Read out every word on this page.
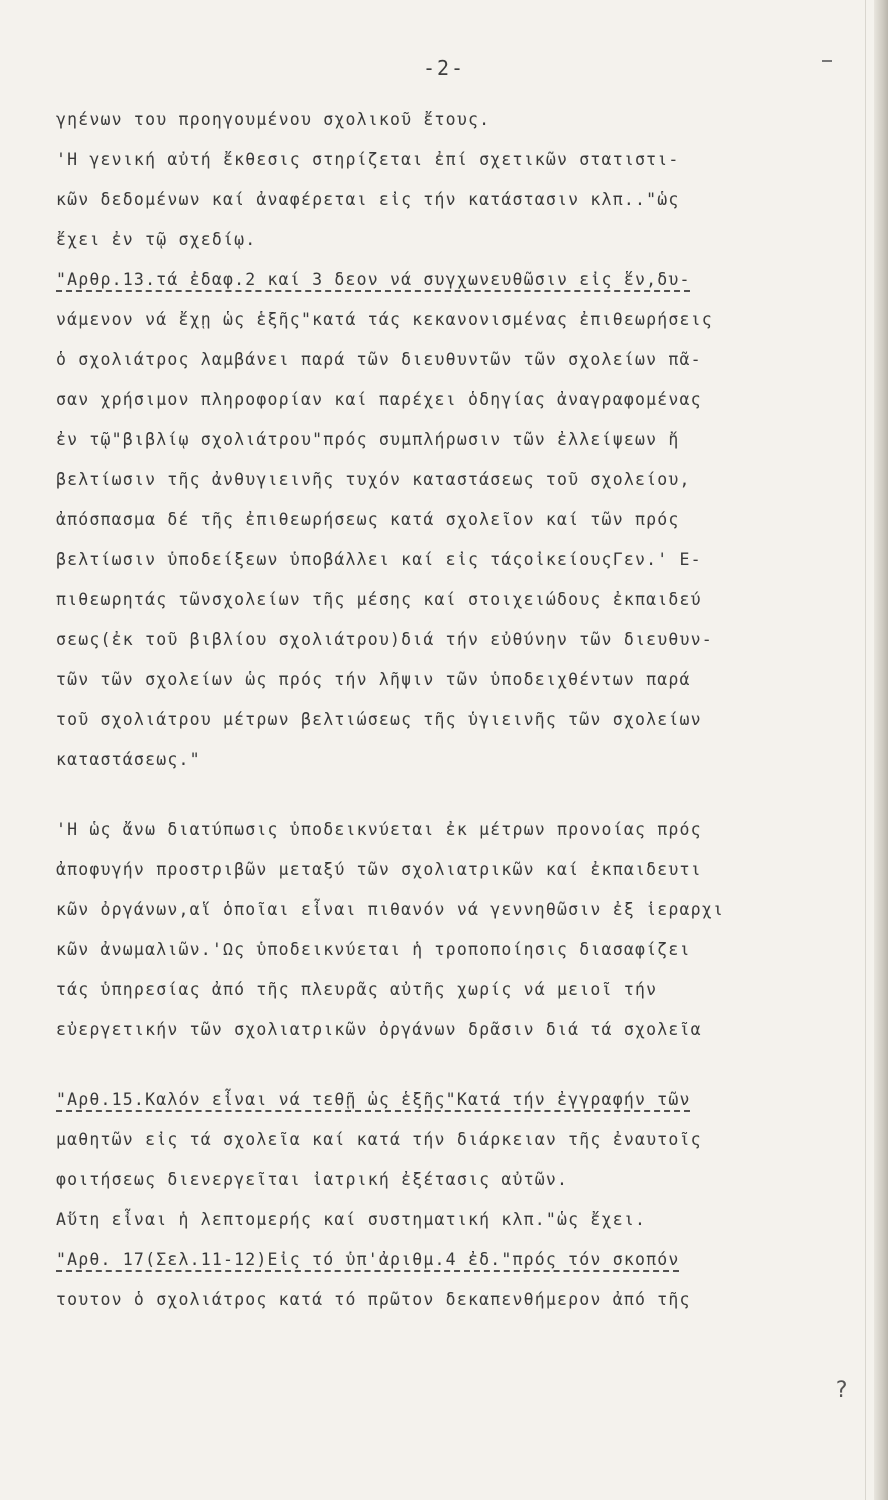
-2-
γηένων του προηγουμένου σχολικοῦ ἔτους.
'Η γενική αὐτή ἔκθεσις στηρίζεται ἐπί σχετικῶν στατιστι-
κῶν δεδομένων καί ἀναφέρεται εἰς τήν κατάστασιν κλπ.."ὡς
ἔχει ἐν τῷ σχεδίῳ.
"Αρθρ.13.τά ἐδαφ.2 καί 3 δεον νά συγχωνευθῶσιν εἰς ἕν,δυ-
νάμενον νά ἔχῃ ὡς ἑξῆς"κατά τάς κεκανονισμένας ἐπιθεωρήσεις
ὁ σχολιάτρος λαμβάνει παρά τῶν διευθυντῶν τῶν σχολείων πᾶ-
σαν χρήσιμον πληροφορίαν καί παρέχει ὁδηγίας ἀναγραφομένας
ἐν τῷ"βιβλίῳ σχολιάτρου"πρός συμπλήρωσιν τῶν ἐλλείψεων ἤ
βελτίωσιν τῆς ἀνθυγιεινῆς τυχόν καταστάσεως τοῦ σχολείου,
ἀπόσπασμα δέ τῆς ἐπιθεωρήσεως κατά σχολεῖον καί τῶν πρός
βελτίωσιν ὑποδείξεων ὑποβάλλει καί εἰς τάςοἰκείουςΓεν.' Ε-
πιθεωρητάς τῶνσχολείων τῆς μέσης καί στοιχειώδους ἐκπαιδεύ
σεως(ἐκ τοῦ βιβλίου σχολιάτρου)διά τήν εὐθύνην τῶν διευθυν-
τῶν τῶν σχολείων ὡς πρός τήν λῆψιν τῶν ὑποδειχθέντων παρά
τοῦ σχολιάτρου μέτρων βελτιώσεως τῆς ὑγιεινῆς τῶν σχολείων
καταστάσεως."
'Η ὡς ἄνω διατύπωσις ὑποδεικνύεται ἐκ μέτρων προνοίας πρός
ἀποφυγήν προστριβῶν μεταξύ τῶν σχολιατρικῶν καί ἐκπαιδευτι
κῶν ὀργάνων,αἵ ὁποῖαι εἶναι πιθανόν νά γεννηθῶσιν ἐξ ἱεραρχι
κῶν ἀνωμαλιῶν.'Ως ὑποδεικνύεται ἡ τροποποίησις διασαφίζει
τάς ὑπηρεσίας ἀπό τῆς πλευρᾶς αὐτῆς χωρίς νά μειοῖ τήν
εὐεργετικήν τῶν σχολιατρικῶν ὀργάνων δρᾶσιν διά τά σχολεῖα
"Αρθ.15.Καλόν εἶναι νά τεθῇ ὡς ἑξῆς"Κατά τήν ἐγγραφήν τῶν
μαθητῶν εἰς τά σχολεῖα καί κατά τήν διάρκειαν τῆς ἐναυτοῖς
φοιτήσεως διενεργεῖται ἰατρική ἐξέτασις αὐτῶν.
Αὕτη εἶναι ἡ λεπτομερής καί συστηματική κλπ."ὡς ἔχει.
"Αρθ. 17(Σελ.11-12)Εἰς τό ὑπ'ἀριθμ.4 ἐδ."πρός τόν σκοπόν
τουτον ὁ σχολιάτρος κατά τό πρῶτον δεκαπενθήμερον ἀπό τῆς
?
